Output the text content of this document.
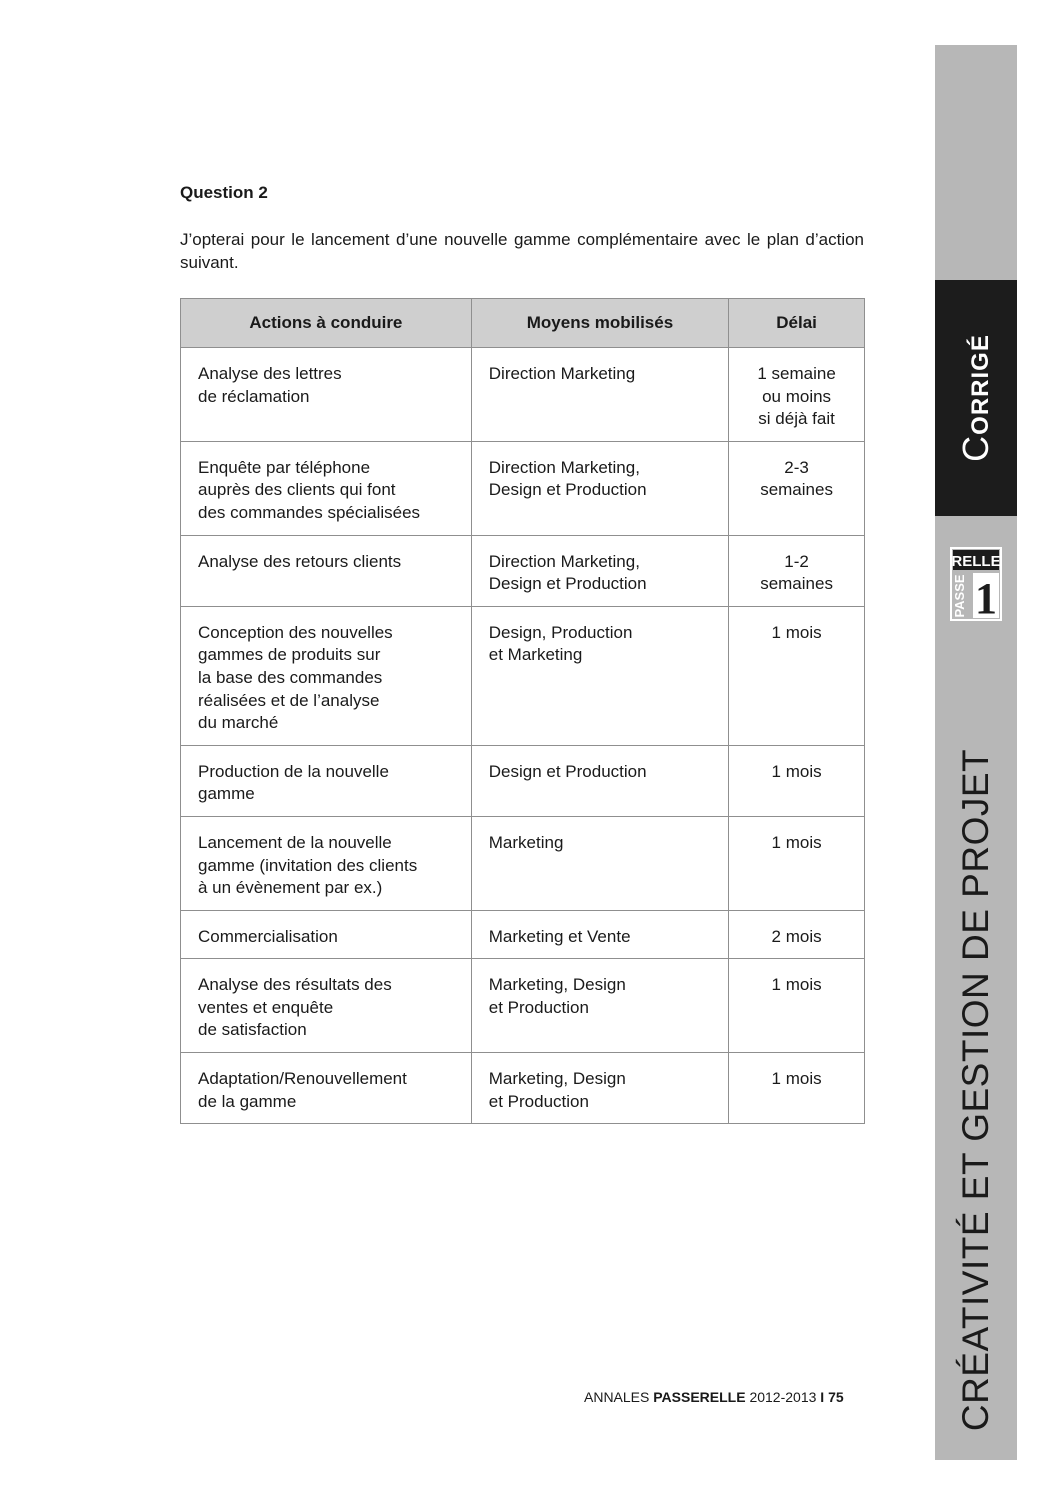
Question 2
J’opterai pour le lancement d’une nouvelle gamme complémentaire avec le plan d’action suivant.
Actions à conduire	Moyens mobilisés	Délai

Analyse des lettres
de réclamation	Direction Marketing	1 semaine
ou moins
si déjà fait

Enquête par téléphone
auprès des clients qui font
des commandes spécialisées	Direction Marketing,
Design et Production	2-3
semaines

Analyse des retours clients	Direction Marketing,
Design et Production	1-2
semaines

Conception des nouvelles
gammes de produits sur
la base des commandes
réalisées et de l’analyse
du marché	Design, Production
et Marketing	1 mois

Production de la nouvelle
gamme	Design et Production	1 mois

Lancement de la nouvelle
gamme (invitation des clients
à un évènement par ex.)	Marketing	1 mois

Commercialisation	Marketing et Vente	2 mois

Analyse des résultats des
ventes et enquête
de satisfaction	Marketing, Design
et Production	1 mois

Adaptation/Renouvellement
de la gamme	Marketing, Design
et Production	1 mois
CORRIGÉ
RELLE
PASSE 1
CRÉATIVITÉ ET GESTION DE PROJET
ANNALES PASSERELLE 2012-2013 I 75
